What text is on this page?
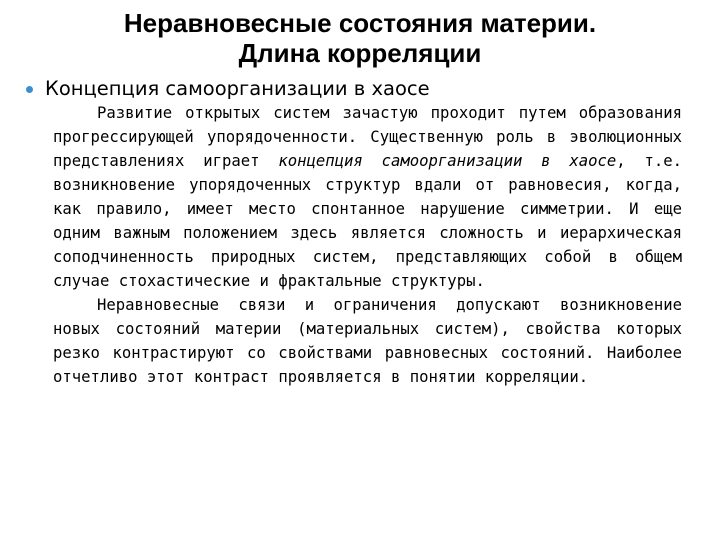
Неравновесные состояния материи.
Длина корреляции
Концепция самоорганизации в хаосе

Развитие открытых систем зачастую проходит путем образования прогрессирующей упорядоченности. Существенную роль в эволюционных представлениях играет концепция самоорганизации в хаосе, т.е. возникновение упорядоченных структур вдали от равновесия, когда, как правило, имеет место спонтанное нарушение симметрии. И еще одним важным положением здесь является сложность и иерархическая соподчиненность природных систем, представляющих собой в общем случае стохастические и фрактальные структуры.

Неравновесные связи и ограничения допускают возникновение новых состояний материи (материальных систем), свойства которых резко контрастируют со свойствами равновесных состояний. Наиболее отчетливо этот контраст проявляется в понятии корреляции.
